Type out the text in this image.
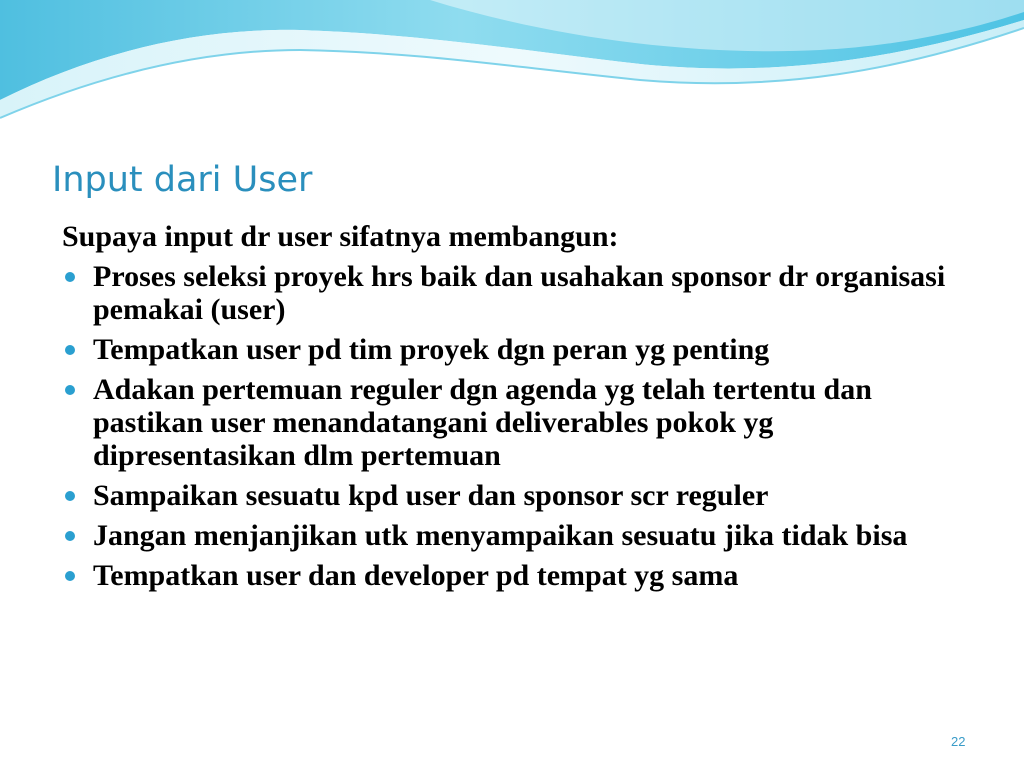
Input dari User

Supaya input dr user sifatnya membangun:

Proses seleksi proyek hrs baik dan usahakan sponsor dr organisasi pemakai (user)
Tempatkan user pd tim proyek dgn peran yg penting
Adakan pertemuan reguler dgn agenda yg telah tertentu dan pastikan user menandatangani deliverables pokok yg dipresentasikan dlm pertemuan
Sampaikan sesuatu kpd user dan sponsor scr reguler
Jangan menjanjikan utk menyampaikan sesuatu jika tidak bisa
Tempatkan user dan developer pd tempat yg sama
22
